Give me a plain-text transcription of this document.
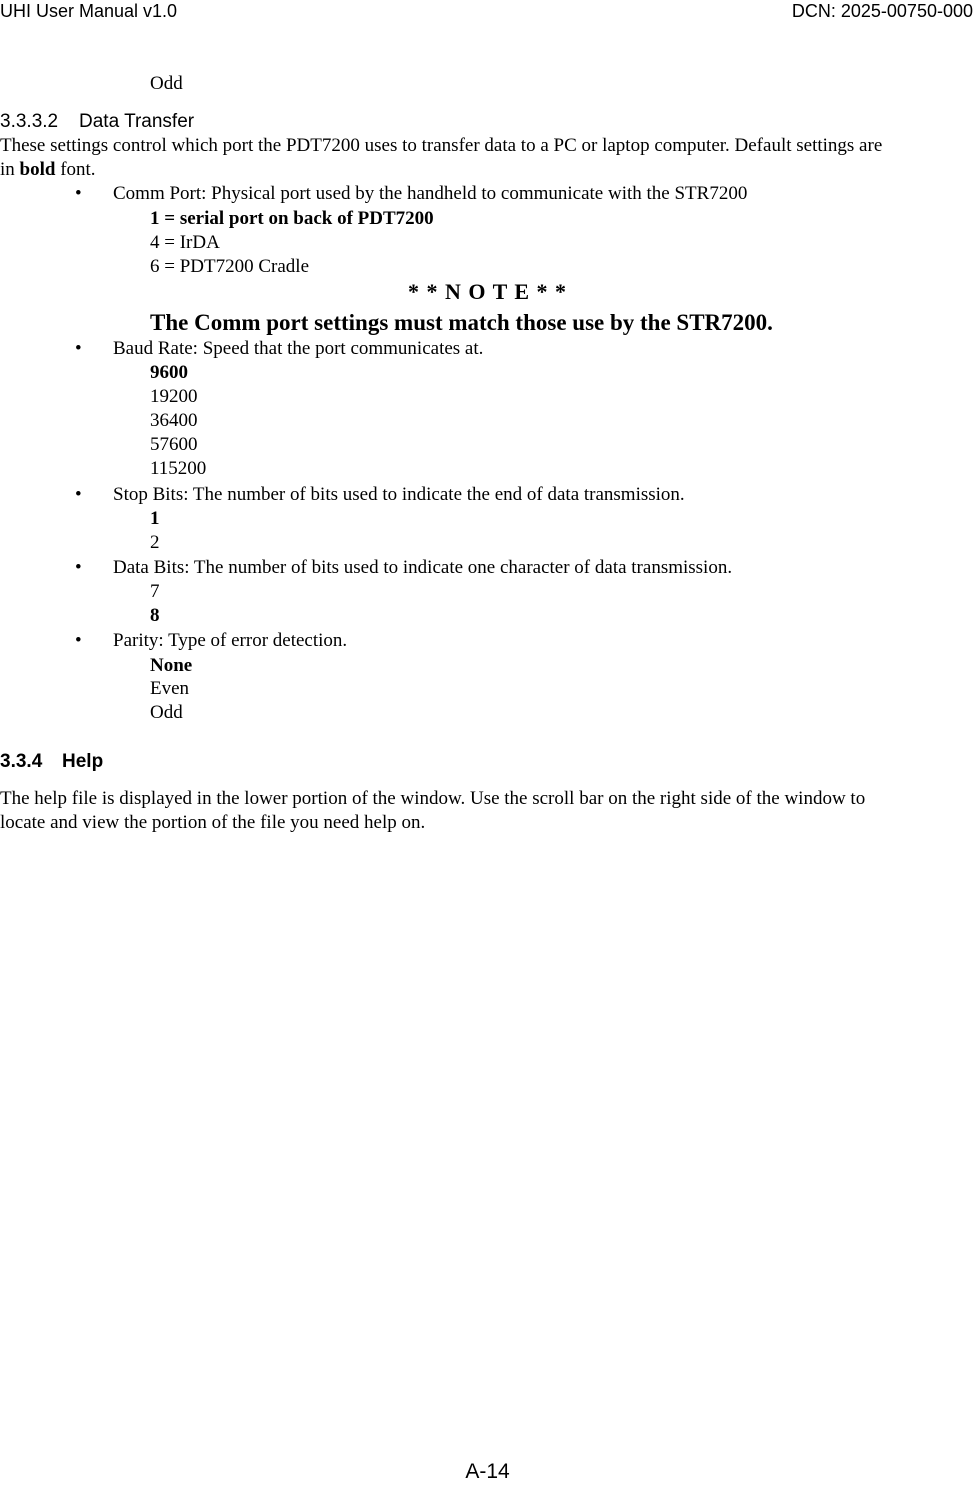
UHI User Manual v1.0	DCN: 2025-00750-000
Odd
3.3.3.2 Data Transfer
These settings control which port the PDT7200 uses to transfer data to a PC or laptop computer. Default settings are
in bold font.
• Comm Port: Physical port used by the handheld to communicate with the STR7200
1 = serial port on back of PDT7200
4 = IrDA
6 = PDT7200 Cradle
* * N O T E * *
The Comm port settings must match those use by the STR7200.
• Baud Rate: Speed that the port communicates at.
9600
19200
36400
57600
115200
• Stop Bits: The number of bits used to indicate the end of data transmission.
1
2
• Data Bits: The number of bits used to indicate one character of data transmission.
7
8
• Parity: Type of error detection.
None
Even
Odd
3.3.4 Help
The help file is displayed in the lower portion of the window. Use the scroll bar on the right side of the window to
locate and view the portion of the file you need help on.
A-14
